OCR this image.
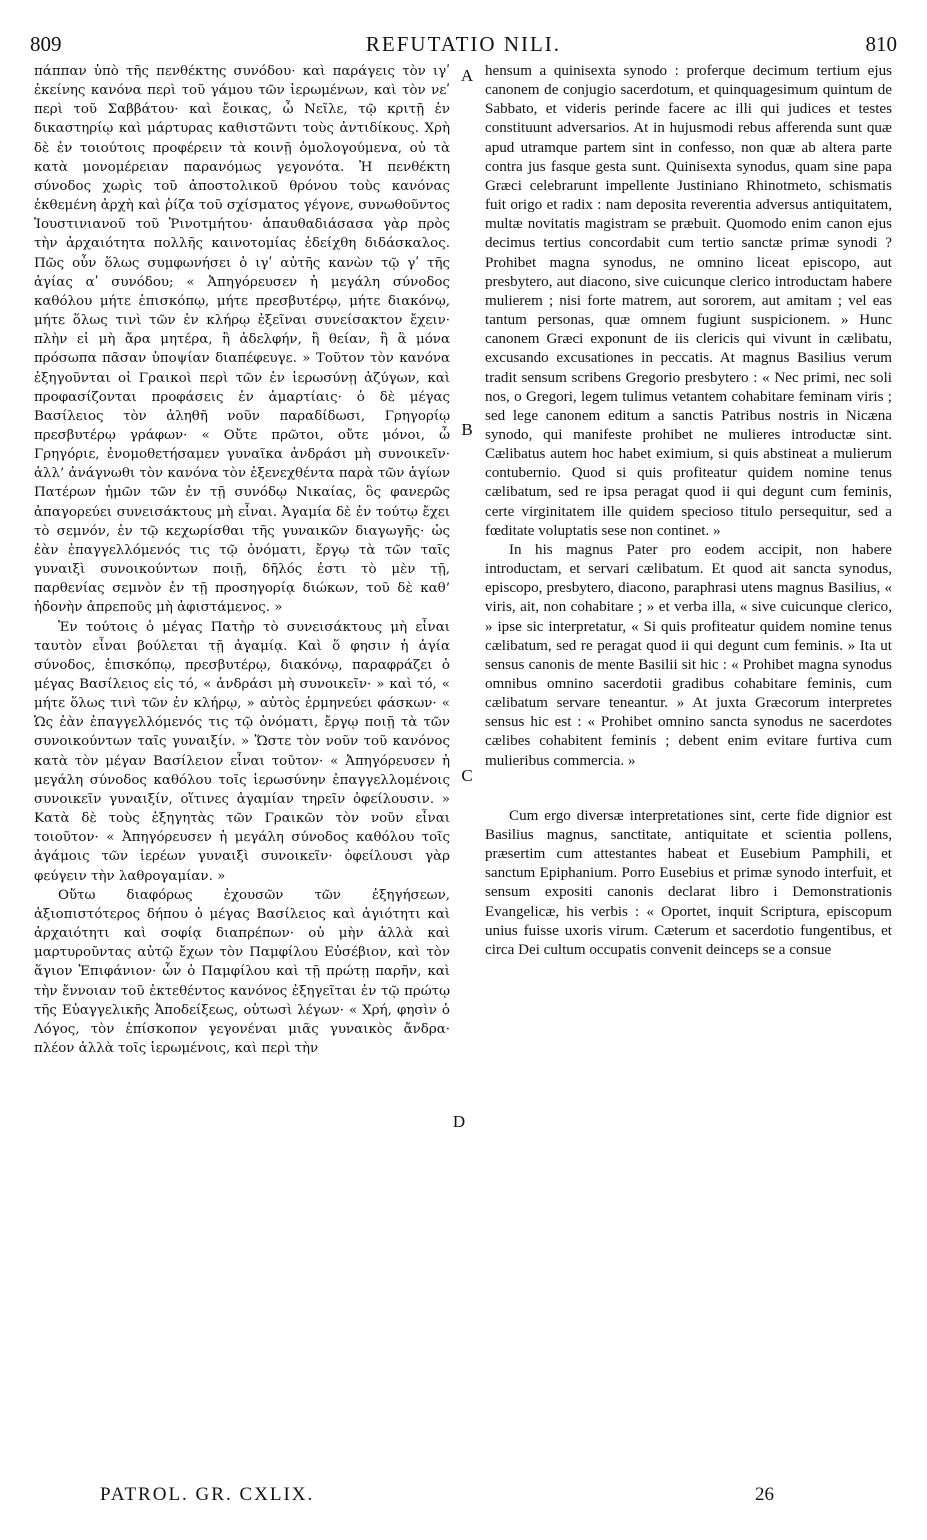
809	REFUTATIO NILI.	810

πάππαν ὑπὸ τῆς πενθέκτης συνόδου· καὶ παράγεις τὸν ιγʹ ἐκείνης κανόνα περὶ τοῦ γάμου τῶν ἱερωμένων, καὶ τὸν νεʹ περὶ τοῦ Σαββάτου· καὶ ἔοικας, ὦ Νεῖλε, τῷ κριτῇ ἐν δικαστηρίῳ καὶ μάρτυρας καθιστῶντι τοὺς ἀντιδίκους. Χρὴ δὲ ἐν τοιούτοις προφέρειν τὰ κοινῇ ὁμολογούμενα, οὐ τὰ κατὰ μονομέρειαν παρανόμως γεγονότα. Ἡ πενθέκτη σύνοδος χωρὶς τοῦ ἀποστολικοῦ θρόνου τοὺς κανόνας ἐκθεμένη ἀρχὴ καὶ ῥίζα τοῦ σχίσματος γέγονε, συνωθοῦντος Ἰουστινιανοῦ τοῦ Ῥινοτμήτου· ἀπαυθαδιάσασα γὰρ πρὸς τὴν ἀρχαιότητα πολλῆς καινοτομίας ἐδείχθη διδάσκαλος. Πῶς οὖν ὅλως συμφωνήσει ὁ ιγʹ αὐτῆς κανὼν τῷ γʹ τῆς ἁγίας αʹ συνόδου; « Ἀπηγόρευσεν ἡ μεγάλη σύνοδος καθόλου μήτε ἐπισκόπῳ, μήτε πρεσβυτέρῳ, μήτε διακόνῳ, μήτε ὅλως τινὶ τῶν ἐν κλήρῳ ἐξεῖναι συνείσακτον ἔχειν· πλὴν εἰ μὴ ἄρα μητέρα, ἢ ἀδελφήν, ἢ θείαν, ἢ ἃ μόνα πρόσωπα πᾶσαν ὑποψίαν διαπέφευγε. » Τοῦτον τὸν κανόνα ἐξηγοῦνται οἱ Γραικοὶ περὶ τῶν ἐν ἱερωσύνῃ ἀζύγων, καὶ προφασίζονται προφάσεις ἐν ἁμαρτίαις· ὁ δὲ μέγας Βασίλειος τὸν ἀληθῆ νοῦν παραδίδωσι, Γρηγορίῳ πρεσβυτέρῳ γράφων· « Οὔτε πρῶτοι, οὔτε μόνοι, ὦ Γρηγόριε, ἐνομοθετήσαμεν γυναῖκα ἀνδράσι μὴ συνοικεῖν· ἀλλ’ ἀνάγνωθι τὸν κανόνα τὸν ἐξενεχθέντα παρὰ τῶν ἁγίων Πατέρων ἡμῶν τῶν ἐν τῇ συνόδῳ Νικαίας, ὃς φανερῶς ἀπαγορεύει συνεισάκτους μὴ εἶναι. Ἀγαμία δὲ ἐν τούτῳ ἔχει τὸ σεμνόν, ἐν τῷ κεχωρίσθαι τῆς γυναικῶν διαγωγῆς· ὡς ἐὰν ἐπαγγελλόμενός τις τῷ ὀνόματι, ἔργῳ τὰ τῶν ταῖς γυναιξὶ συνοικούντων ποιῇ, δῆλός ἐστι τὸ μὲν τῇ, παρθενίας σεμνὸν ἐν τῇ προσηγορίᾳ διώκων, τοῦ δὲ καθ’ ἡδονὴν ἀπρεποῦς μὴ ἀφιστάμενος. »

Ἐν τούτοις ὁ μέγας Πατὴρ τὸ συνεισάκτους μὴ εἶναι ταυτὸν εἶναι βούλεται τῇ ἀγαμίᾳ. Καὶ ὅ φησιν ἡ ἁγία σύνοδος, ἐπισκόπῳ, πρεσβυτέρῳ, διακόνῳ, παραφράζει ὁ μέγας Βασίλειος εἰς τό, « ἀνδράσι μὴ συνοικεῖν· » καὶ τό, « μήτε ὅλως τινὶ τῶν ἐν κλήρῳ, » αὐτὸς ἑρμηνεύει φάσκων· « Ὡς ἐὰν ἐπαγγελλόμενός τις τῷ ὀνόματι, ἔργῳ ποιῇ τὰ τῶν συνοικούντων ταῖς γυναιξίν. » Ὥστε τὸν νοῦν τοῦ κανόνος κατὰ τὸν μέγαν Βασίλειον εἶναι τοῦτον· « Ἀπηγόρευσεν ἡ μεγάλη σύνοδος καθόλου τοῖς ἱερωσύνην ἐπαγγελλομένοις συνοικεῖν γυναιξίν, οἵτινες ἀγαμίαν τηρεῖν ὀφείλουσιν. » Κατὰ δὲ τοὺς ἐξηγητὰς τῶν Γραικῶν τὸν νοῦν εἶναι τοιοῦτον· « Ἀπηγόρευσεν ἡ μεγάλη σύνοδος καθόλου τοῖς ἀγάμοις τῶν ἱερέων γυναιξὶ συνοικεῖν· ὀφείλουσι γὰρ φεύγειν τὴν λαθρογαμίαν. »

Οὕτω διαφόρως ἐχουσῶν τῶν ἐξηγήσεων, ἀξιοπιστότερος δήπου ὁ μέγας Βασίλειος καὶ ἁγιότητι καὶ ἀρχαιότητι καὶ σοφίᾳ διαπρέπων· οὐ μὴν ἀλλὰ καὶ μαρτυροῦντας αὐτῷ ἔχων τὸν Παμφίλου Εὐσέβιον, καὶ τὸν ἅγιον Ἐπιφάνιον· ὧν ὁ Παμφίλου καὶ τῇ πρώτῃ παρῆν, καὶ τὴν ἔννοιαν τοῦ ἐκτεθέντος κανόνος ἐξηγεῖται ἐν τῷ πρώτῳ τῆς Εὐαγγελικῆς Ἀποδείξεως, οὑτωσὶ λέγων· « Χρή, φησὶν ὁ Λόγος, τὸν ἐπίσκοπον γεγονέναι μιᾶς γυναικὸς ἄνδρα· πλέον ἀλλὰ τοῖς ἱερωμένοις, καὶ περὶ τὴν

A
B
C
D

hensum a quinisexta synodo : proferque decimum tertium ejus canonem de conjugio sacerdotum, et quinquagesimum quintum de Sabbato, et videris perinde facere ac illi qui judices et testes constituunt adversarios. At in hujusmodi rebus afferenda sunt quæ apud utramque partem sint in confesso, non quæ ab altera parte contra jus fasque gesta sunt. Quinisexta synodus, quam sine papa Græci celebrarunt impellente Justiniano Rhinotmeto, schismatis fuit origo et radix : nam deposita reverentia adversus antiquitatem, multæ novitatis magistram se præbuit. Quomodo enim canon ejus decimus tertius concordabit cum tertio sanctæ primæ synodi ? Prohibet magna synodus, ne omnino liceat episcopo, aut presbytero, aut diacono, sive cuicunque clerico introductam habere mulierem ; nisi forte matrem, aut sororem, aut amitam ; vel eas tantum personas, quæ omnem fugiunt suspicionem. » Hunc canonem Græci exponunt de iis clericis qui vivunt in cælibatu, excusando excusationes in peccatis. At magnus Basilius verum tradit sensum scribens Gregorio presbytero : « Nec primi, nec soli nos, o Gregori, legem tulimus vetantem cohabitare feminam viris ; sed lege canonem editum a sanctis Patribus nostris in Nicæna synodo, qui manifeste prohibet ne mulieres introductæ sint. Cælibatus autem hoc habet eximium, si quis abstineat a mulierum contubernio. Quod si quis profiteatur quidem nomine tenus cælibatum, sed re ipsa peragat quod ii qui degunt cum feminis, certe virginitatem ille quidem specioso titulo persequitur, sed a fœditate voluptatis sese non continet. »

In his magnus Pater pro eodem accipit, non habere introductam, et servari cælibatum. Et quod ait sancta synodus, episcopo, presbytero, diacono, paraphrasi utens magnus Basilius, « viris, ait, non cohabitare ; » et verba illa, « sive cuicunque clerico, » ipse sic interpretatur, « Si quis profiteatur quidem nomine tenus cælibatum, sed re peragat quod ii qui degunt cum feminis. » Ita ut sensus canonis de mente Basilii sit hic : « Prohibet magna synodus omnibus omnino sacerdotii gradibus cohabitare feminis, cum cælibatum servare teneantur. » At juxta Græcorum interpretes sensus hic est : « Prohibet omnino sancta synodus ne sacerdotes cælibes cohabitent feminis ; debent enim evitare furtiva cum mulieribus commercia. »

Cum ergo diversæ interpretationes sint, certe fide dignior est Basilius magnus, sanctitate, antiquitate et scientia pollens, præsertim cum attestantes habeat et Eusebium Pamphili, et sanctum Epiphanium. Porro Eusebius et primæ synodo interfuit, et sensum expositi canonis declarat libro i Demonstrationis Evangelicæ, his verbis : « Oportet, inquit Scriptura, episcopum unius fuisse uxoris virum. Cæterum et sacerdotio fungentibus, et circa Dei cultum occupatis convenit deinceps se a consue

PATROL. GR. CXLIX.	26
